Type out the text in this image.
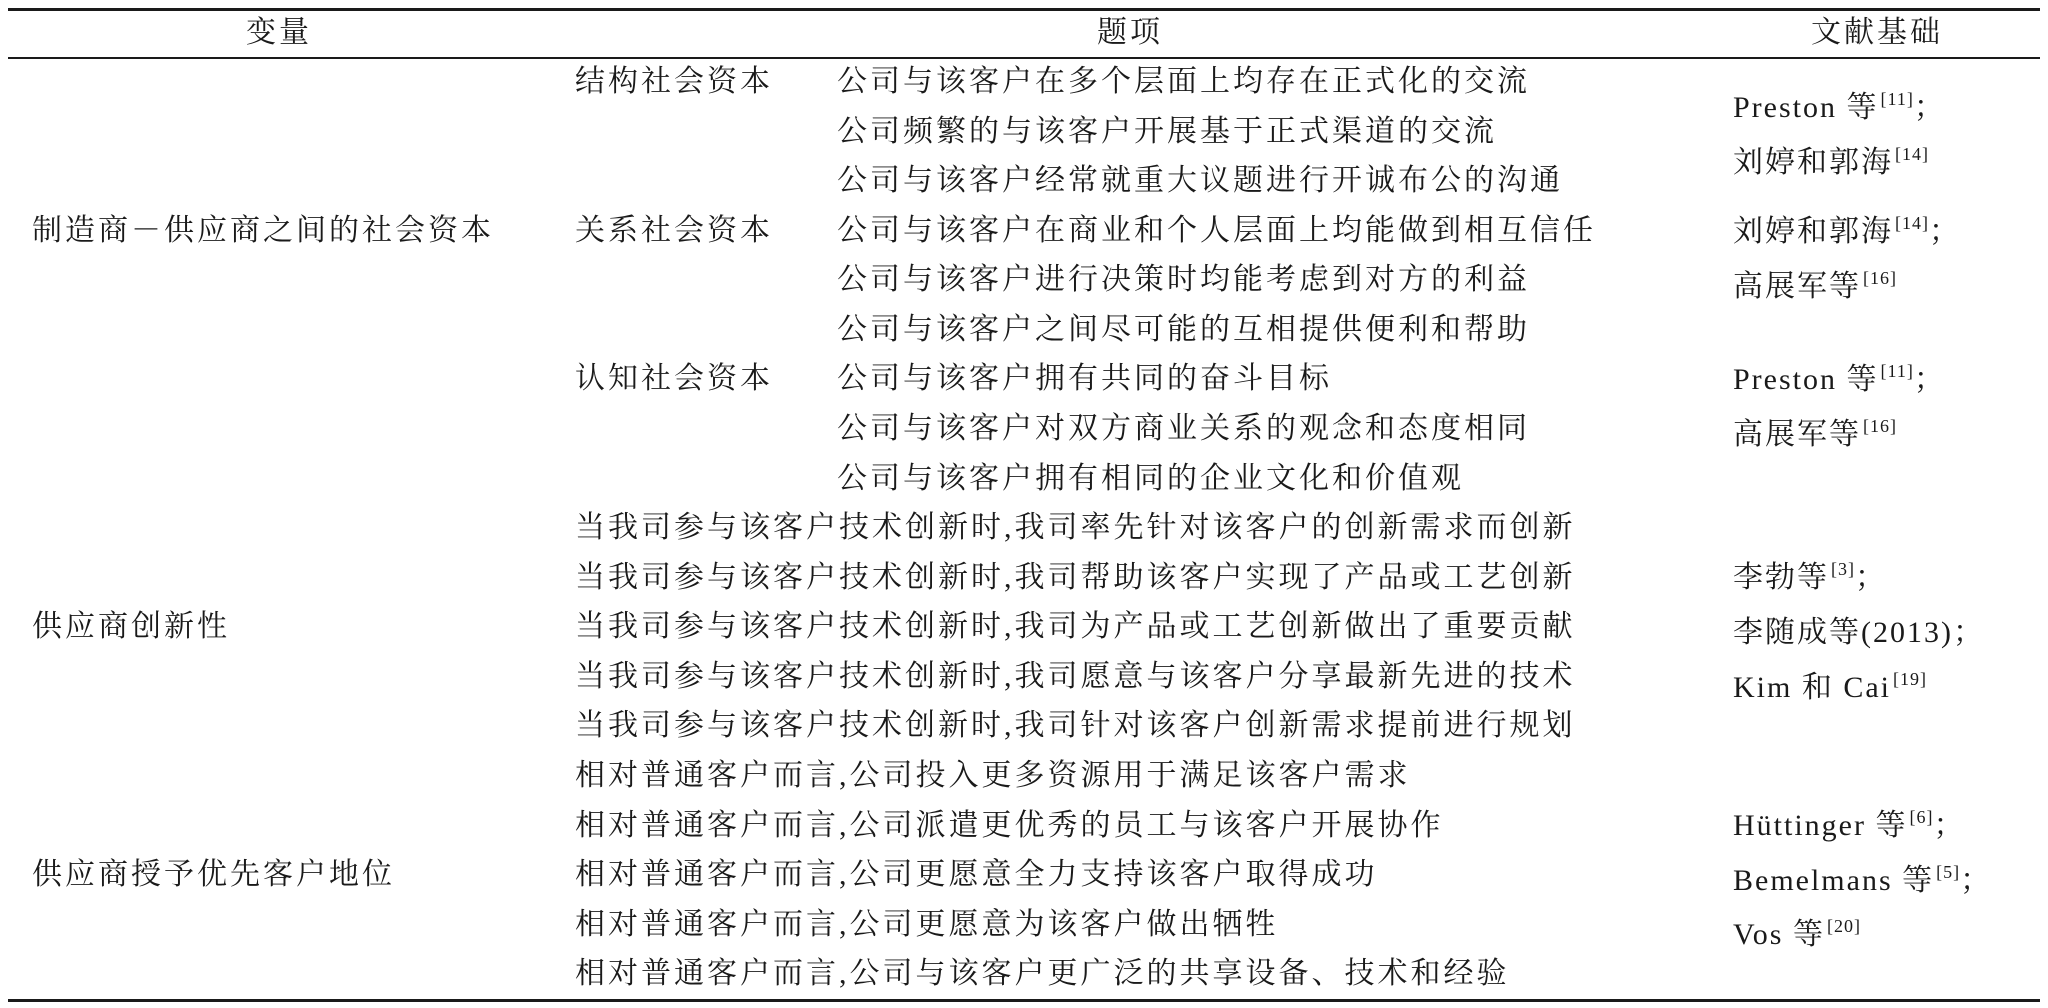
变量	题项	文献基础
制造商－供应商之间的社会资本
结构社会资本 公司与该客户在多个层面上均存在正式化的交流
公司频繁的与该客户开展基于正式渠道的交流
公司与该客户经常就重大议题进行开诚布公的沟通
关系社会资本 公司与该客户在商业和个人层面上均能做到相互信任
公司与该客户进行决策时均能考虑到对方的利益
公司与该客户之间尽可能的互相提供便利和帮助
认知社会资本 公司与该客户拥有共同的奋斗目标
公司与该客户对双方商业关系的观念和态度相同
公司与该客户拥有相同的企业文化和价值观
Preston 等 [11]；
刘婷和郭海 [14]
刘婷和郭海 [14]；
高展军等 [16]
Preston 等 [11]；
高展军等 [16]
供应商创新性
当我司参与该客户技术创新时,我司率先针对该客户的创新需求而创新
当我司参与该客户技术创新时,我司帮助该客户实现了产品或工艺创新
当我司参与该客户技术创新时,我司为产品或工艺创新做出了重要贡献
当我司参与该客户技术创新时,我司愿意与该客户分享最新先进的技术
当我司参与该客户技术创新时,我司针对该客户创新需求提前进行规划
李勃等 [3]；
李随成等(2013)；
Kim 和 Cai [19]
供应商授予优先客户地位
相对普通客户而言,公司投入更多资源用于满足该客户需求
相对普通客户而言,公司派遣更优秀的员工与该客户开展协作
相对普通客户而言,公司更愿意全力支持该客户取得成功
相对普通客户而言,公司更愿意为该客户做出牺牲
相对普通客户而言,公司与该客户更广泛的共享设备、技术和经验
Hüttinger 等 [6]；
Bemelmans 等 [5]；
Vos 等 [20]
